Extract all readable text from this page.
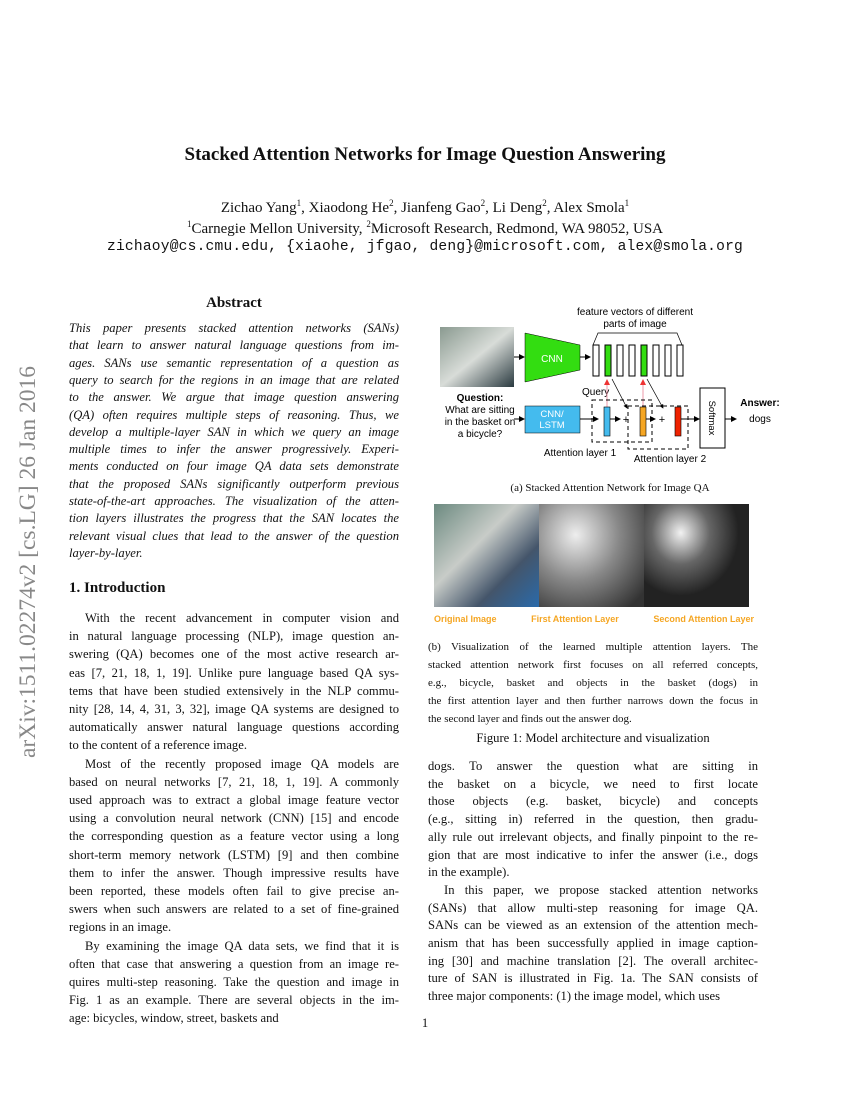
arXiv:1511.02274v2 [cs.LG] 26 Jan 2016
Stacked Attention Networks for Image Question Answering
Zichao Yang$^1$, Xiaodong He$^2$, Jianfeng Gao$^2$, Li Deng$^2$, Alex Smola$^1$
$^1$Carnegie Mellon University, $^2$Microsoft Research, Redmond, WA 98052, USA
zichaoy@cs.cmu.edu, {xiaohe, jfgao, deng}@microsoft.com, alex@smola.org
Abstract
This paper presents stacked attention networks (SANs)
that learn to answer natural language questions from im-
ages. SANs use semantic representation of a question as
query to search for the regions in an image that are related
to the answer. We argue that image question answering
(QA) often requires multiple steps of reasoning. Thus, we
develop a multiple-layer SAN in which we query an image
multiple times to infer the answer progressively. Experi-
ments conducted on four image QA data sets demonstrate
that the proposed SANs significantly outperform previous
state-of-the-art approaches. The visualization of the atten-
tion layers illustrates the progress that the SAN locates the
relevant visual clues that lead to the answer of the question
layer-by-layer.
1. Introduction
With the recent advancement in computer vision and
in natural language processing (NLP), image question an-
swering (QA) becomes one of the most active research ar-
eas [7, 21, 18, 1, 19]. Unlike pure language based QA sys-
tems that have been studied extensively in the NLP commu-
nity [28, 14, 4, 31, 3, 32], image QA systems are designed to
automatically answer natural language questions according
to the content of a reference image.
Most of the recently proposed image QA models are
based on neural networks [7, 21, 18, 1, 19]. A commonly
used approach was to extract a global image feature vector
using a convolution neural network (CNN) [15] and encode
the corresponding question as a feature vector using a long
short-term memory network (LSTM) [9] and then combine
them to infer the answer. Though impressive results have
been reported, these models often fail to give precise an-
swers when such answers are related to a set of fine-grained
regions in an image.
By examining the image QA data sets, we find that it is
often that case that answering a question from an image re-
quires multi-step reasoning. Take the question and image in
Fig. 1 as an example. There are several objects in the im-
age: bicycles, window, street, baskets and
dogs. To answer the question what are sitting in
the basket on a bicycle, we need to first locate
those objects (e.g. basket, bicycle) and concepts
(e.g., sitting in) referred in the question, then gradu-
ally rule out irrelevant objects, and finally pinpoint to the re-
gion that are most indicative to infer the answer (i.e., dogs
in the example).
In this paper, we propose stacked attention networks
(SANs) that allow multi-step reasoning for image QA.
SANs can be viewed as an extension of the attention mech-
anism that has been successfully applied in image caption-
ing [30] and machine translation [2]. The overall architec-
ture of SAN is illustrated in Fig. 1a. The SAN consists of
three major components: (1) the image model, which uses
CNN
feature vectors of different
parts of image
Query
Question:
What are sitting
in the basket on
a bicycle?
CNN/
LSTM	+	+	Softmax Answer:
dogs
Attention layer 1
Attention layer 2
(a) Stacked Attention Network for Image QA
Original Image	First Attention Layer	Second Attention Layer
(b) Visualization of the learned multiple attention layers. The
stacked attention network first focuses on all referred concepts,
e.g., bicycle, basket and objects in the basket (dogs) in
the first attention layer and then further narrows down the focus in
the second layer and finds out the answer dog.
Figure 1: Model architecture and visualization
1
